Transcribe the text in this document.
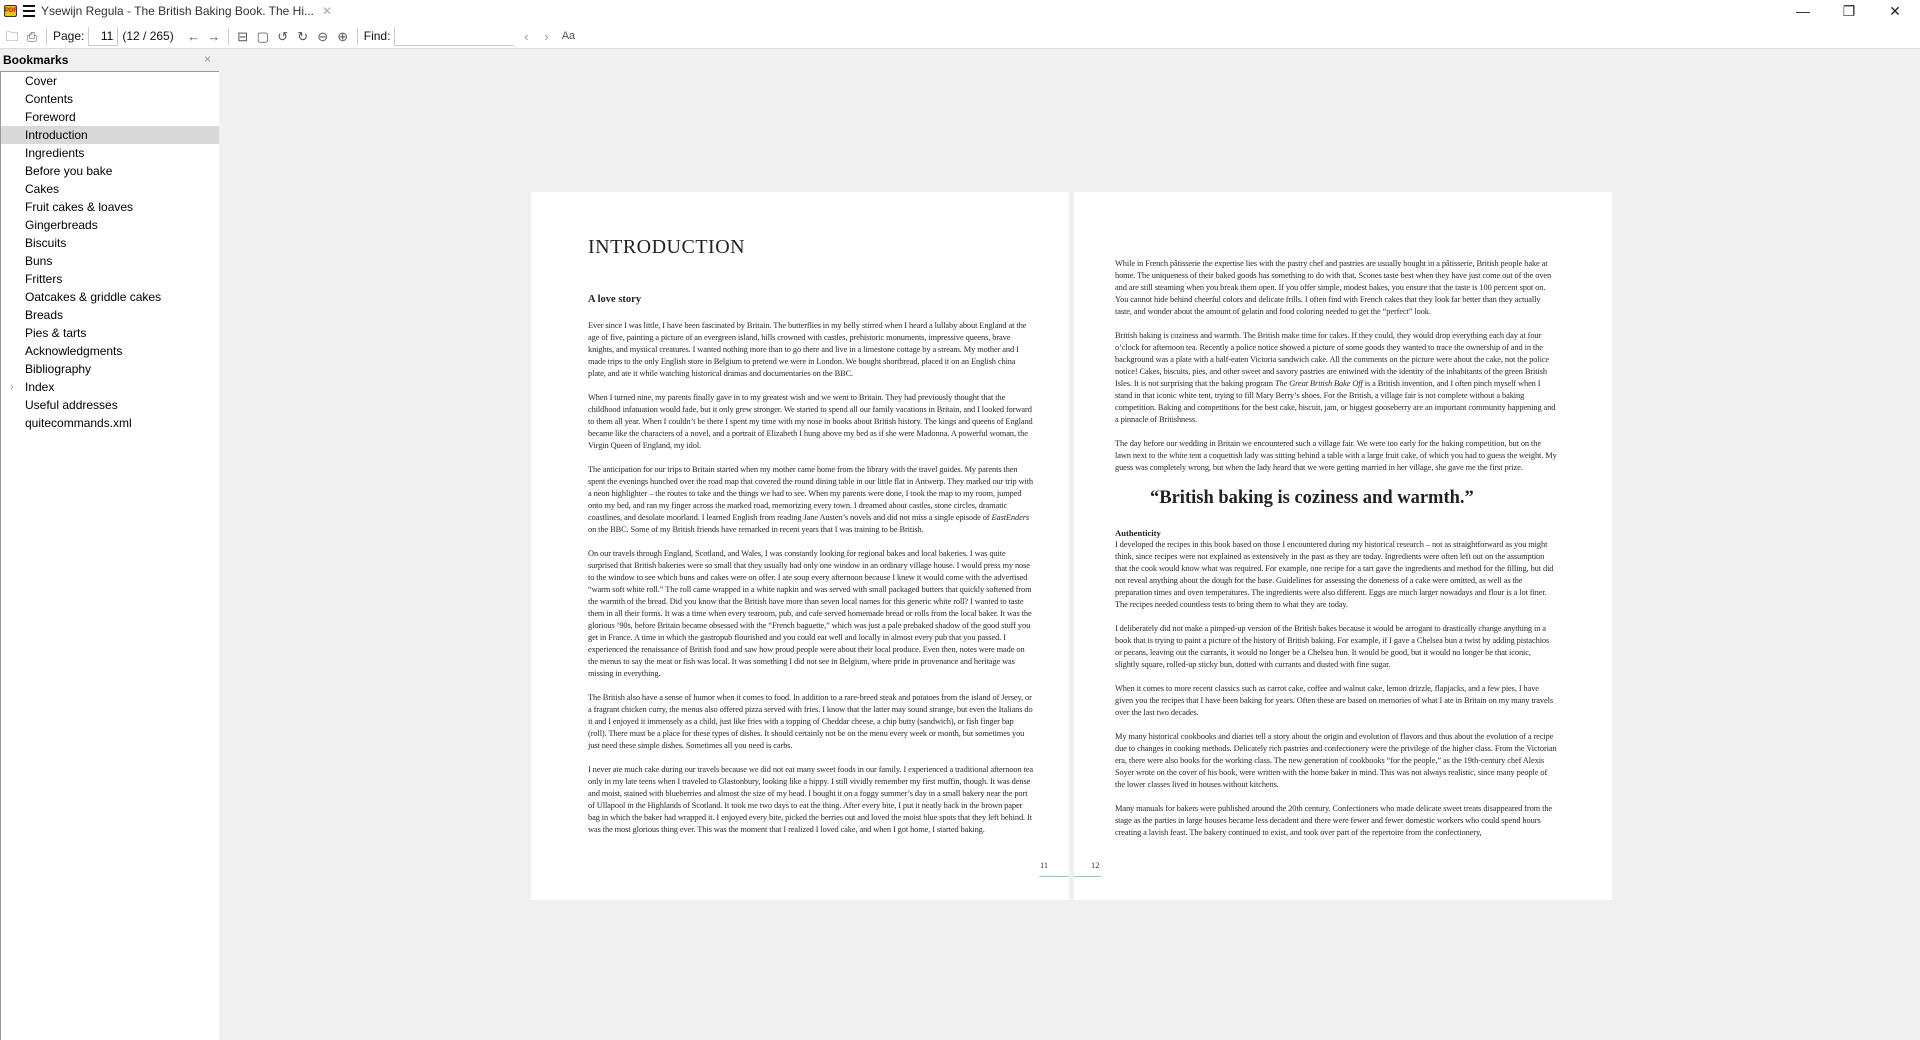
PDF Ysewijn Regula - The British Baking Book. The Hi... ✕	—	❐	✕
🗀 ⎙ Page:	11 (12 / 265) ← → ⊟ ▢ ↺ ↻ ⊖ ⊕ Find:	‹	›	Aa
Bookmarks	×
Cover
Contents
Foreword
Introduction
Ingredients
Before you bake
Cakes
Fruit cakes & loaves
Gingerbreads
Biscuits
Buns
Fritters
Oatcakes & griddle cakes
Breads
Pies & tarts
Acknowledgments
Bibliography
› Index
Useful addresses
quitecommands.xml
INTRODUCTION
A love story
Ever since I was little, I have been fascinated by Britain. The butterflies in my belly stirred when I heard a lullaby about England at the age of five, painting a picture of an evergreen island, hills crowned with castles, prehistoric monuments, impressive queens, brave knights, and mystical creatures. I wanted nothing more than to go there and live in a limestone cottage by a stream. My mother and I made trips to the only English store in Belgium to pretend we were in London. We bought shortbread, placed it on an English china plate, and ate it while watching historical dramas and documentaries on the BBC.
When I turned nine, my parents finally gave in to my greatest wish and we went to Britain. They had previously thought that the childhood infatuation would fade, but it only grew stronger. We started to spend all our family vacations in Britain, and I looked forward to them all year. When I couldn’t be there I spent my time with my nose in books about British history. The kings and queens of England became like the characters of a novel, and a portrait of Elizabeth I hung above my bed as if she were Madonna. A powerful woman, the Virgin Queen of England, my idol.
The anticipation for our trips to Britain started when my mother came home from the library with the travel guides. My parents then spent the evenings hunched over the road map that covered the round dining table in our little flat in Antwerp. They marked our trip with a neon highlighter – the routes to take and the things we had to see. When my parents were done, I took the map to my room, jumped onto my bed, and ran my finger across the marked road, memorizing every town. I dreamed about castles, stone circles, dramatic coastlines, and desolate moorland. I learned English from reading Jane Austen’s novels and did not miss a single episode of EastEnders on the BBC. Some of my British friends have remarked in recent years that I was training to be British.
On our travels through England, Scotland, and Wales, I was constantly looking for regional bakes and local bakeries. I was quite surprised that British bakeries were so small that they usually had only one window in an ordinary village house. I would press my nose to the window to see which buns and cakes were on offer. I ate soup every afternoon because I knew it would come with the advertised “warm soft white roll.” The roll came wrapped in a white napkin and was served with small packaged butters that quickly softened from the warmth of the bread. Did you know that the British have more than seven local names for this generic white roll? I wanted to taste them in all their forms. It was a time when every tearoom, pub, and cafe served homemade bread or rolls from the local baker. It was the glorious ’90s, before Britain became obsessed with the “French baguette,” which was just a pale prebaked shadow of the good stuff you get in France. A time in which the gastropub flourished and you could eat well and locally in almost every pub that you passed. I experienced the renaissance of British food and saw how proud people were about their local produce. Even then, notes were made on the menus to say the meat or fish was local. It was something I did not see in Belgium, where pride in provenance and heritage was missing in everything.
The British also have a sense of humor when it comes to food. In addition to a rare-breed steak and potatoes from the island of Jersey, or a fragrant chicken curry, the menus also offered pizza served with fries. I know that the latter may sound strange, but even the Italians do it and I enjoyed it immensely as a child, just like fries with a topping of Cheddar cheese, a chip butty (sandwich), or fish finger bap (roll). There must be a place for these types of dishes. It should certainly not be on the menu every week or month, but sometimes you just need these simple dishes. Sometimes all you need is carbs.
I never ate much cake during our travels because we did not eat many sweet foods in our family. I experienced a traditional afternoon tea only in my late teens when I traveled to Glastonbury, looking like a hippy. I still vividly remember my first muffin, though. It was dense and moist, stained with blueberries and almost the size of my head. I bought it on a foggy summer’s day in a small bakery near the port of Ullapool in the Highlands of Scotland. It took me two days to eat the thing. After every bite, I put it neatly back in the brown paper bag in which the baker had wrapped it. I enjoyed every bite, picked the berries out and loved the moist blue spots that they left behind. It was the most glorious thing ever. This was the moment that I realized I loved cake, and when I got home, I started baking.
11
While in French pâtisserie the expertise lies with the pastry chef and pastries are usually bought in a pâtisserie, British people bake at home. The uniqueness of their baked goods has something to do with that. Scones taste best when they have just come out of the oven and are still steaming when you break them open. If you offer simple, modest bakes, you ensure that the taste is 100 percent spot on. You cannot hide behind cheerful colors and delicate frills. I often find with French cakes that they look far better than they actually taste, and wonder about the amount of gelatin and food coloring needed to get the “perfect” look.
British baking is coziness and warmth. The British make time for cakes. If they could, they would drop everything each day at four o’clock for afternoon tea. Recently a police notice showed a picture of some goods they wanted to trace the ownership of and in the background was a plate with a half-eaten Victoria sandwich cake. All the comments on the picture were about the cake, not the police notice! Cakes, biscuits, pies, and other sweet and savory pastries are entwined with the identity of the inhabitants of the green British Isles. It is not surprising that the baking program The Great British Bake Off is a British invention, and I often pinch myself when I stand in that iconic white tent, trying to fill Mary Berry’s shoes. For the British, a village fair is not complete without a baking competition. Baking and competitions for the best cake, biscuit, jam, or biggest gooseberry are an important community happening and a pinnacle of Britishness.
The day before our wedding in Britain we encountered such a village fair. We were too early for the baking competition, but on the lawn next to the white tent a coquettish lady was sitting behind a table with a large fruit cake, of which you had to guess the weight. My guess was completely wrong, but when the lady heard that we were getting married in her village, she gave me the first prize.
“British baking is coziness and warmth.”
Authenticity
I developed the recipes in this book based on those I encountered during my historical research – not as straightforward as you might think, since recipes were not explained as extensively in the past as they are today. Ingredients were often left out on the assumption that the cook would know what was required. For example, one recipe for a tart gave the ingredients and method for the filling, but did not reveal anything about the dough for the base. Guidelines for assessing the doneness of a cake were omitted, as well as the preparation times and oven temperatures. The ingredients were also different. Eggs are much larger nowadays and flour is a lot finer. The recipes needed countless tests to bring them to what they are today.
I deliberately did not make a pimped-up version of the British bakes because it would be arrogant to drastically change anything in a book that is trying to paint a picture of the history of British baking. For example, if I gave a Chelsea bun a twist by adding pistachios or pecans, leaving out the currants, it would no longer be a Chelsea bun. It would be good, but it would no longer be that iconic, slightly square, rolled-up sticky bun, dotted with currants and dusted with fine sugar.
When it comes to more recent classics such as carrot cake, coffee and walnut cake, lemon drizzle, flapjacks, and a few pies, I have given you the recipes that I have been baking for years. Often these are based on memories of what I ate in Britain on my many travels over the last two decades.
My many historical cookbooks and diaries tell a story about the origin and evolution of flavors and thus about the evolution of a recipe due to changes in cooking methods. Delicately rich pastries and confectionery were the privilege of the higher class. From the Victorian era, there were also books for the working class. The new generation of cookbooks “for the people,” as the 19th-century chef Alexis Soyer wrote on the cover of his book, were written with the home baker in mind. This was not always realistic, since many people of the lower classes lived in houses without kitchens.
Many manuals for bakers were published around the 20th century. Confectioners who made delicate sweet treats disappeared from the stage as the parties in large houses became less decadent and there were fewer and fewer domestic workers who could spend hours creating a lavish feast. The bakery continued to exist, and took over part of the repertoire from the confectionery,
12
